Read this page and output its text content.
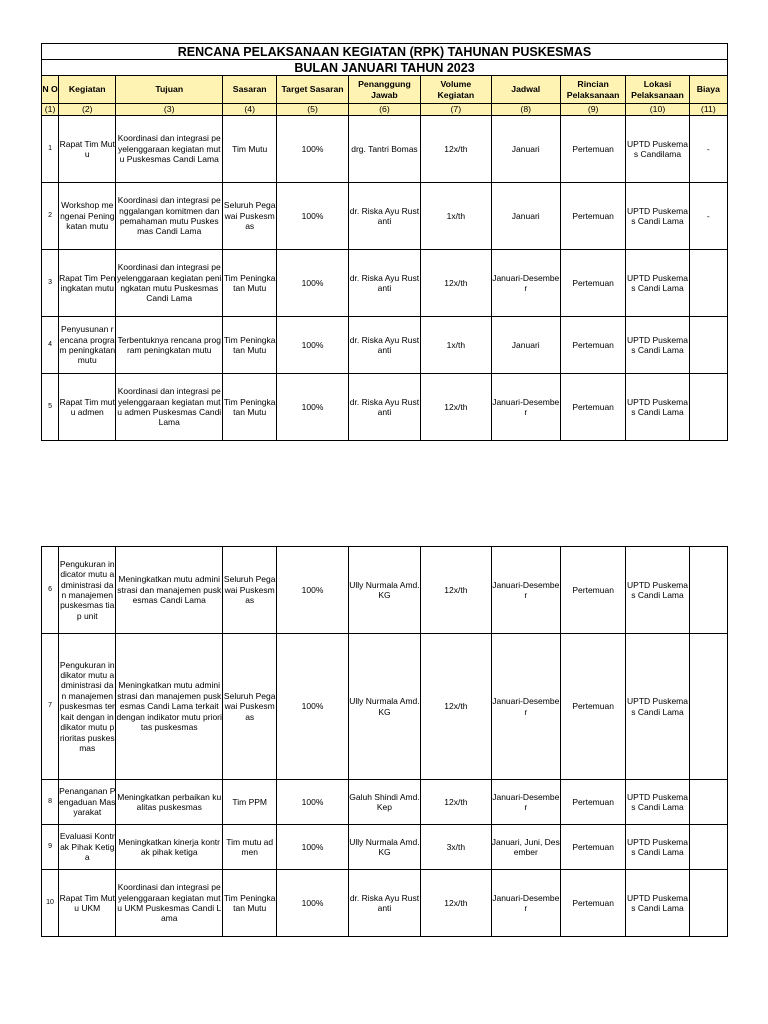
RENCANA PELAKSANAAN KEGIATAN (RPK) TAHUNAN PUSKESMAS										
BULAN JANUARI TAHUN 2023										
N O	Kegiatan	Tujuan	Sasaran	Target Sasaran	Penanggung Jawab	Volume Kegiatan	Jadwal	Rincian Pelaksanaan	Lokasi Pelaksanaan	Biaya
(1)	(2)	(3)	(4)	(5)	(6)	(7)	(8)	(9)	(10)	(11)
1	Rapat Tim Mutu	Koordinasi dan integrasi peyelenggaraan kegiatan mutu Puskesmas Candi Lama	Tim Mutu	100%	drg. Tantri Bomas	12x/th	Januari	Pertemuan	UPTD Puskemas Candilama	-
2	Workshop mengenai Peningkatan mutu	Koordinasi dan integrasi penggalangan komitmen dan pemahaman mutu Puskesmas Candi Lama	Seluruh Pegawai Puskesmas	100%	dr. Riska Ayu Rustanti	1x/th	Januari	Pertemuan	UPTD Puskemas Candi Lama	-
3	Rapat Tim Peningkatan mutu	Koordinasi dan integrasi peyelenggaraan kegiatan peningkatan mutu Puskesmas Candi Lama	Tim Peningkatan Mutu	100%	dr. Riska Ayu Rustanti	12x/th	Januari-Desember	Pertemuan	UPTD Puskemas Candi Lama	
4	Penyusunan rencana program peningkatan mutu	Terbentuknya rencana program peningkatan mutu	Tim Peningkatan Mutu	100%	dr. Riska Ayu Rustanti	1x/th	Januari	Pertemuan	UPTD Puskemas Candi Lama	
5	Rapat Tim mutu admen	Koordinasi dan integrasi peyelenggaraan kegiatan mutu admen Puskesmas Candi Lama	Tim Peningkatan Mutu	100%	dr. Riska Ayu Rustanti	12x/th	Januari-Desember	Pertemuan	UPTD Puskemas Candi Lama	
6	Pengukuran indicator mutu administrasi dan manajemen puskesmas tiap unit	Meningkatkan mutu administrasi dan manajemen puskesmas Candi Lama	Seluruh Pegawai Puskesmas	100%	Ully Nurmala Amd.KG	12x/th	Januari-Desember	Pertemuan	UPTD Puskemas Candi Lama	
7	Pengukuran indikator mutu administrasi dan manajemen puskesmas terkait dengan indikator mutu prioritas puskesmas	Meningkatkan mutu administrasi dan manajemen puskesmas Candi Lama terkait dengan indikator mutu prioritas puskesmas	Seluruh Pegawai Puskesmas	100%	Ully Nurmala Amd.KG	12x/th	Januari-Desember	Pertemuan	UPTD Puskemas Candi Lama	
8	Penanganan Pengaduan Masyarakat	Meningkatkan perbaikan kualitas puskesmas	Tim PPM	100%	Galuh Shindi Amd.Kep	12x/th	Januari-Desember	Pertemuan	UPTD Puskemas Candi Lama	
9	Evaluasi Kontrak Pihak Ketiga	Meningkatkan kinerja kontrak pihak ketiga	Tim mutu admen	100%	Ully Nurmala Amd.KG	3x/th	Januari, Juni, Desember	Pertemuan	UPTD Puskemas Candi Lama	
10	Rapat Tim Mutu UKM	Koordinasi dan integrasi peyelenggaraan kegiatan mutu UKM Puskesmas Candi Lama	Tim Peningkatan Mutu	100%	dr. Riska Ayu Rustanti	12x/th	Januari-Desember	Pertemuan	UPTD Puskemas Candi Lama	
